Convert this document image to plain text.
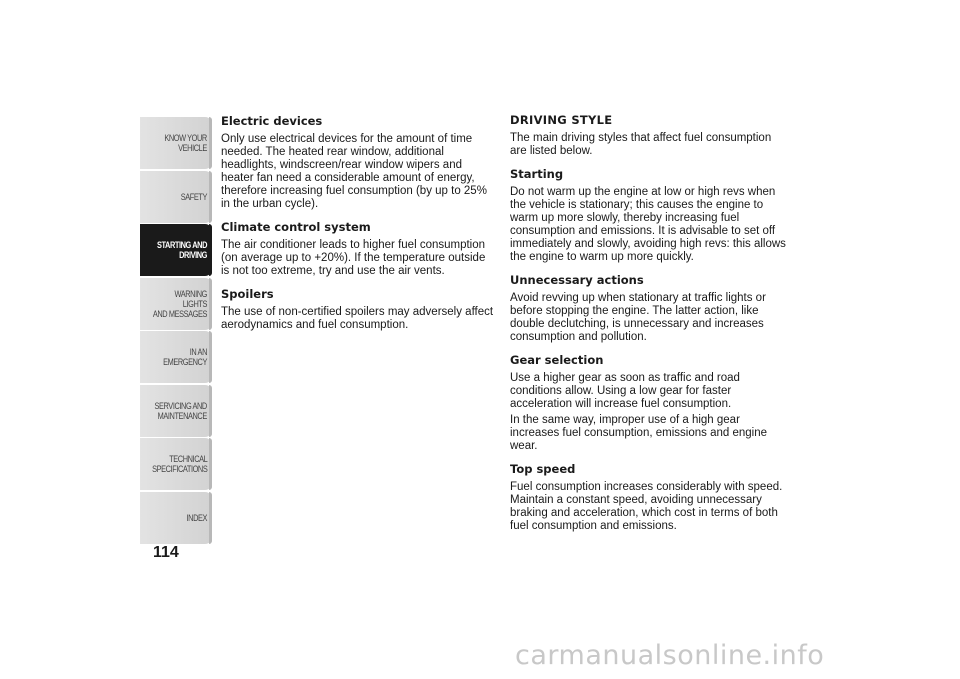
KNOW YOUR
VEHICLE
SAFETY
STARTING AND
DRIVING
WARNING LIGHTS
AND MESSAGES
IN AN EMERGENCY
SERVICING AND
MAINTENANCE
TECHNICAL
SPECIFICATIONS
INDEX
114
Electric devices

Only use electrical devices for the amount of time needed. The heated rear window, additional headlights, windscreen/rear window wipers and heater fan need a considerable amount of energy, therefore increasing fuel consumption (by up to 25% in the urban cycle).

Climate control system

The air conditioner leads to higher fuel consumption (on average up to +20%). If the temperature outside is not too extreme, try and use the air vents.

Spoilers

The use of non-certified spoilers may adversely affect aerodynamics and fuel consumption.

DRIVING STYLE

The main driving styles that affect fuel consumption are listed below.

Starting

Do not warm up the engine at low or high revs when the vehicle is stationary; this causes the engine to warm up more slowly, thereby increasing fuel consumption and emissions. It is advisable to set off immediately and slowly, avoiding high revs: this allows the engine to warm up more quickly.

Unnecessary actions

Avoid revving up when stationary at traffic lights or before stopping the engine. The latter action, like double declutching, is unnecessary and increases consumption and pollution.

Gear selection

Use a higher gear as soon as traffic and road conditions allow. Using a low gear for faster acceleration will increase fuel consumption.

In the same way, improper use of a high gear increases fuel consumption, emissions and engine wear.

Top speed

Fuel consumption increases considerably with speed. Maintain a constant speed, avoiding unnecessary braking and acceleration, which cost in terms of both fuel consumption and emissions.

carmanualsonline.info
